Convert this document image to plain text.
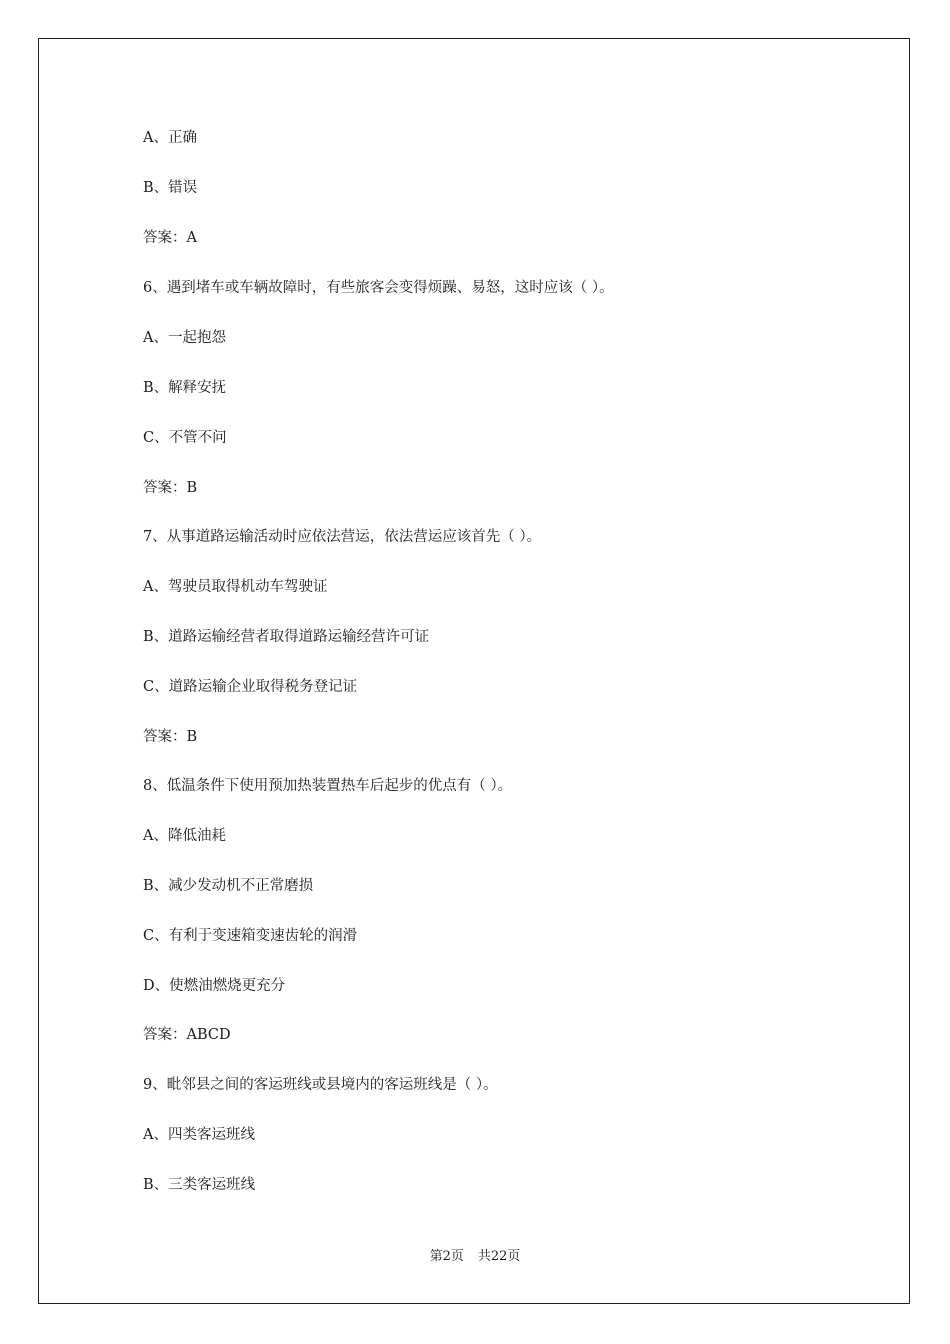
A、正确
B、错误
答案：A
6、遇到堵车或车辆故障时，有些旅客会变得烦躁、易怒，这时应该（ ）。
A、一起抱怨
B、解释安抚
C、不管不问
答案：B
7、从事道路运输活动时应依法营运，依法营运应该首先（ ）。
A、驾驶员取得机动车驾驶证
B、道路运输经营者取得道路运输经营许可证
C、道路运输企业取得税务登记证
答案：B
8、低温条件下使用预加热装置热车后起步的优点有（ ）。
A、降低油耗
B、减少发动机不正常磨损
C、有利于变速箱变速齿轮的润滑
D、使燃油燃烧更充分
答案：ABCD
9、毗邻县之间的客运班线或县境内的客运班线是（ ）。
A、四类客运班线
B、三类客运班线
第2页 共22页
